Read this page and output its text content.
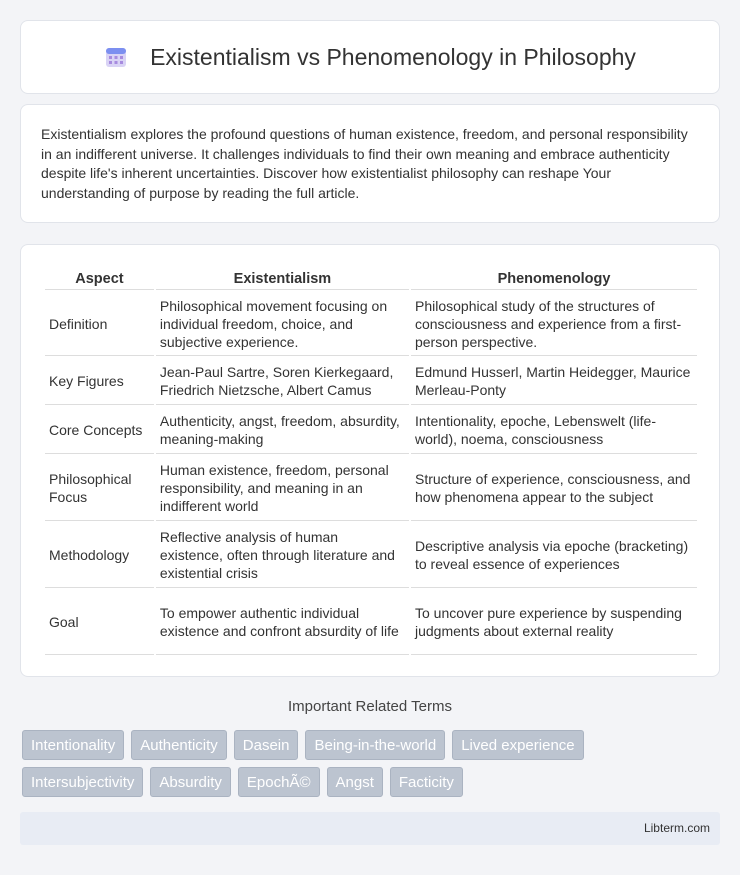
Existentialism vs Phenomenology in Philosophy

Existentialism explores the profound questions of human existence, freedom, and personal responsibility in an indifferent universe. It challenges individuals to find their own meaning and embrace authenticity despite life's inherent uncertainties. Discover how existentialist philosophy can reshape Your understanding of purpose by reading the full article.

Aspect	Existentialism	Phenomenology
Definition	Philosophical movement focusing on individual freedom, choice, and subjective experience.	Philosophical study of the structures of consciousness and experience from a first-person perspective.
Key Figures	Jean-Paul Sartre, Soren Kierkegaard, Friedrich Nietzsche, Albert Camus	Edmund Husserl, Martin Heidegger, Maurice Merleau-Ponty
Core Concepts	Authenticity, angst, freedom, absurdity, meaning-making	Intentionality, epoche, Lebenswelt (life-world), noema, consciousness
Philosophical Focus	Human existence, freedom, personal responsibility, and meaning in an indifferent world	Structure of experience, consciousness, and how phenomena appear to the subject
Methodology	Reflective analysis of human existence, often through literature and existential crisis	Descriptive analysis via epoche (bracketing) to reveal essence of experiences
Goal	To empower authentic individual existence and confront absurdity of life	To uncover pure experience by suspending judgments about external reality
Important Related Terms
Intentionality	Authenticity	Dasein	Being-in-the-world	Lived experience
Intersubjectivity	Absurdity	EpochÃ©	Angst	Facticity
Libterm.com
